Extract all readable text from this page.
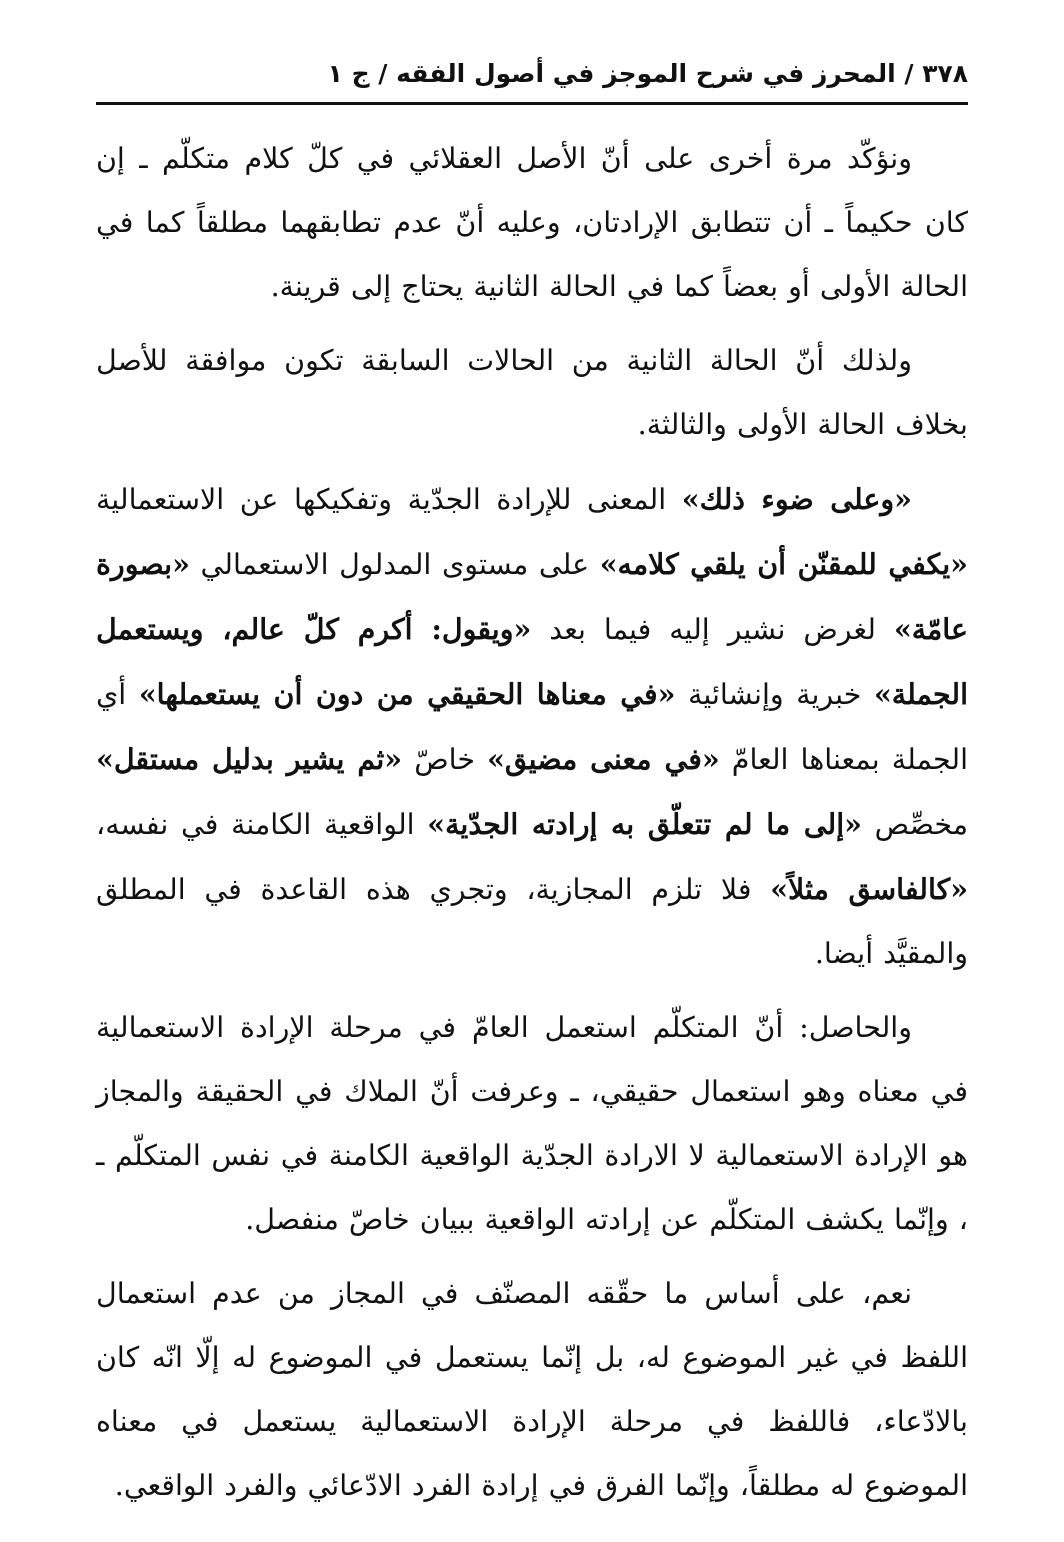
٣٧٨ / المحرز في شرح الموجز في أصول الفقه / ج ١

ونؤكّد مرة أخرى على أنّ الأصل العقلائي في كلّ كلام متكلّم ـ إن كان حكيماً ـ أن تتطابق الإرادتان، وعليه أنّ عدم تطابقهما مطلقاً كما في الحالة الأولى أو بعضاً كما في الحالة الثانية يحتاج إلى قرينة.

ولذلك أنّ الحالة الثانية من الحالات السابقة تكون موافقة للأصل بخلاف الحالة الأولى والثالثة.

«وعلى ضوء ذلك» المعنى للإرادة الجدّية وتفكيكها عن الاستعمالية «يكفي للمقنّن أن يلقي كلامه» على مستوى المدلول الاستعمالي «بصورة عامّة» لغرض نشير إليه فيما بعد «ويقول: أكرم كلّ عالم، ويستعمل الجملة» خبرية وإنشائية «في معناها الحقيقي من دون أن يستعملها» أي الجملة بمعناها العامّ «في معنى مضيق» خاصّ «ثم يشير بدليل مستقل» مخصِّص «إلى ما لم تتعلّق به إرادته الجدّية» الواقعية الكامنة في نفسه، «كالفاسق مثلاً» فلا تلزم المجازية، وتجري هذه القاعدة في المطلق والمقيَّد أيضا.

والحاصل: أنّ المتكلّم استعمل العامّ في مرحلة الإرادة الاستعمالية في معناه وهو استعمال حقيقي، ـ وعرفت أنّ الملاك في الحقيقة والمجاز هو الإرادة الاستعمالية لا الارادة الجدّية الواقعية الكامنة في نفس المتكلّم ـ ، وإنّما يكشف المتكلّم عن إرادته الواقعية ببيان خاصّ منفصل.

نعم، على أساس ما حقّقه المصنّف في المجاز من عدم استعمال اللفظ في غير الموضوع له، بل إنّما يستعمل في الموضوع له إلّا انّه كان بالادّعاء، فاللفظ في مرحلة الإرادة الاستعمالية يستعمل في معناه الموضوع له مطلقاً، وإنّما الفرق في إرادة الفرد الادّعائي والفرد الواقعي.
